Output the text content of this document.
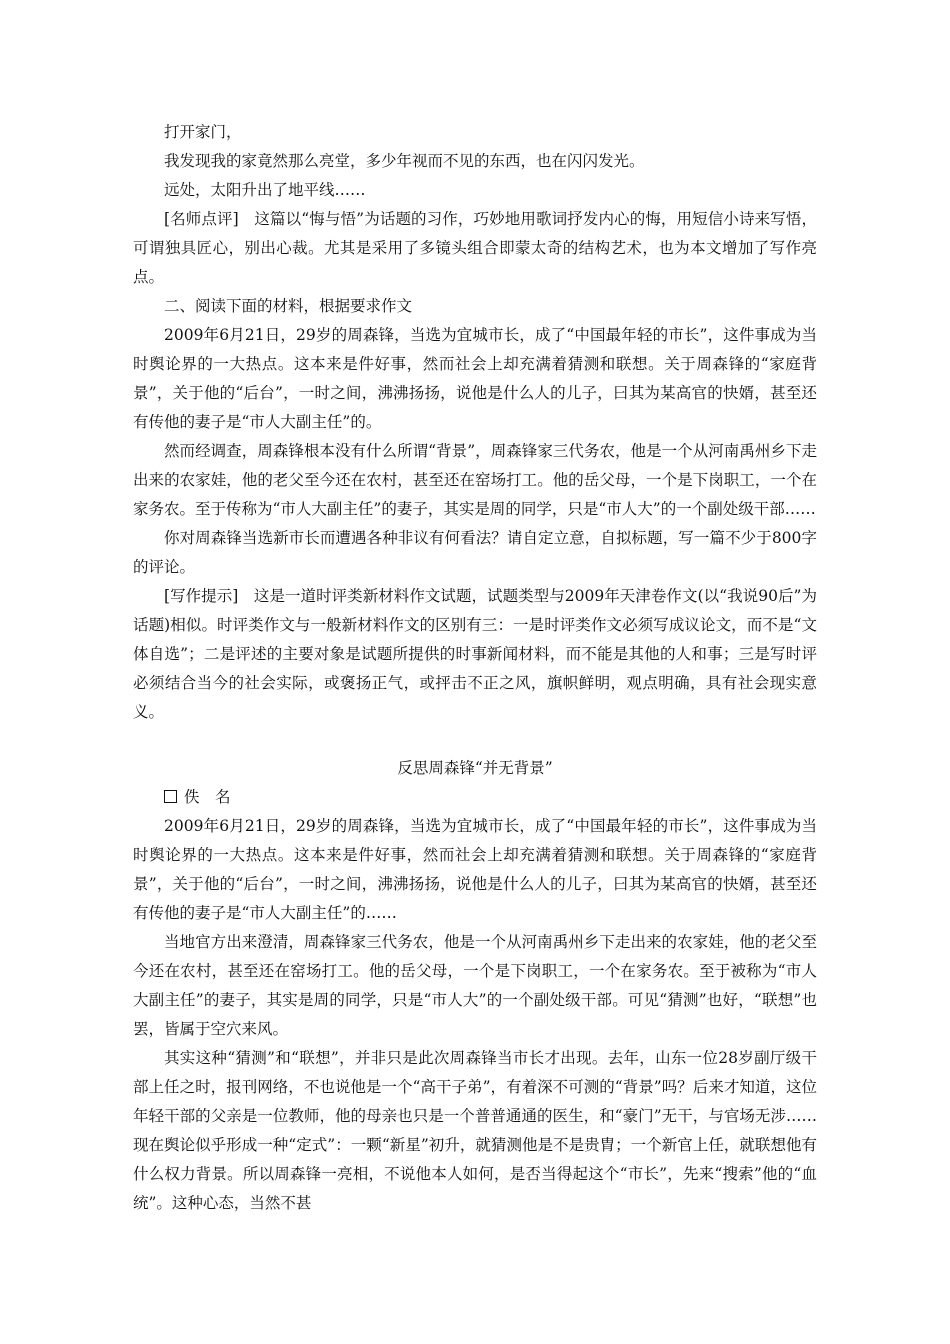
打开家门，

我发现我的家竟然那么亮堂，多少年视而不见的东西，也在闪闪发光。

远处，太阳升出了地平线……

[名师点评]　这篇以“悔与悟”为话题的习作，巧妙地用歌词抒发内心的悔，用短信小诗来写悟，可谓独具匠心，别出心裁。尤其是采用了多镜头组合即蒙太奇的结构艺术，也为本文增加了写作亮点。

二、阅读下面的材料，根据要求作文

2009年6月21日，29岁的周森锋，当选为宜城市长，成了“中国最年轻的市长”，这件事成为当时舆论界的一大热点。这本来是件好事，然而社会上却充满着猜测和联想。关于周森锋的“家庭背景”，关于他的“后台”，一时之间，沸沸扬扬，说他是什么人的儿子，曰其为某高官的快婿，甚至还有传他的妻子是“市人大副主任”的。

然而经调查，周森锋根本没有什么所谓“背景”，周森锋家三代务农，他是一个从河南禹州乡下走出来的农家娃，他的老父至今还在农村，甚至还在窑场打工。他的岳父母，一个是下岗职工，一个在家务农。至于传称为“市人大副主任”的妻子，其实是周的同学，只是“市人大”的一个副处级干部……

你对周森锋当选新市长而遭遇各种非议有何看法？请自定立意，自拟标题，写一篇不少于800字的评论。

[写作提示]　这是一道时评类新材料作文试题，试题类型与2009年天津卷作文(以“我说90后”为话题)相似。时评类作文与一般新材料作文的区别有三：一是时评类作文必须写成议论文，而不是“文体自选”；二是评述的主要对象是试题所提供的时事新闻材料，而不能是其他的人和事；三是写时评必须结合当今的社会实际，或褒扬正气，或抨击不正之风，旗帜鲜明，观点明确，具有社会现实意义。

反思周森锋“并无背景”

佚 名

2009年6月21日，29岁的周森锋，当选为宜城市长，成了“中国最年轻的市长”，这件事成为当时舆论界的一大热点。这本来是件好事，然而社会上却充满着猜测和联想。关于周森锋的“家庭背景”，关于他的“后台”，一时之间，沸沸扬扬，说他是什么人的儿子，曰其为某高官的快婿，甚至还有传他的妻子是“市人大副主任”的……

当地官方出来澄清，周森锋家三代务农，他是一个从河南禹州乡下走出来的农家娃，他的老父至今还在农村，甚至还在窑场打工。他的岳父母，一个是下岗职工，一个在家务农。至于被称为“市人大副主任”的妻子，其实是周的同学，只是“市人大”的一个副处级干部。可见“猜测”也好，“联想”也罢，皆属于空穴来风。

其实这种“猜测”和“联想”，并非只是此次周森锋当市长才出现。去年，山东一位28岁副厅级干部上任之时，报刊网络，不也说他是一个“高干子弟”，有着深不可测的“背景”吗？后来才知道，这位年轻干部的父亲是一位教师，他的母亲也只是一个普普通通的医生，和“豪门”无干，与官场无涉……现在舆论似乎形成一种“定式”：一颗“新星”初升，就猜测他是不是贵胄；一个新官上任，就联想他有什么权力背景。所以周森锋一亮相，不说他本人如何，是否当得起这个“市长”，先来“搜索”他的“血统”。这种心态，当然不甚
